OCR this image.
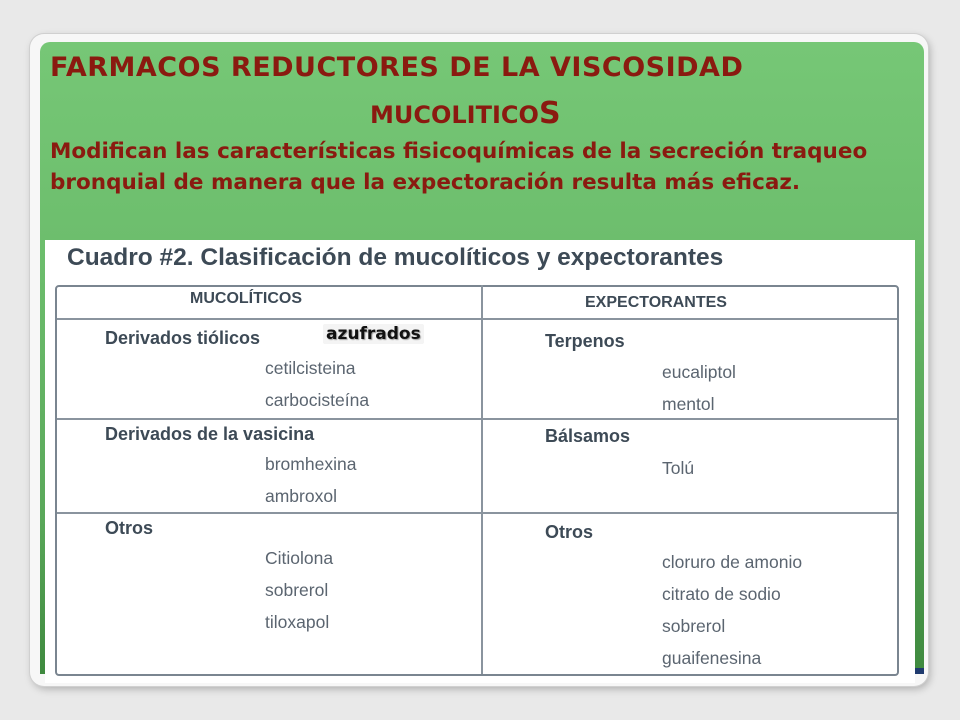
FARMACOS REDUCTORES DE LA VISCOSIDAD
MUCOLITICOS

Modifican las características fisicoquímicas de la secreción traqueo bronquial de manera que la expectoración resulta más eficaz.

Cuadro #2. Clasificación de mucolíticos y expectorantes
MUCOLÍTICOS	EXPECTORANTES
Derivados tiólicos
cetilcisteina
carbocisteína
Derivados de la vasicina
bromhexina
ambroxol
Otros
Citiolona
sobrerol
tiloxapol
Terpenos
eucaliptol
mentol
Bálsamos
Tolú
Otros
cloruro de amonio
citrato de sodio
sobrerol
guaifenesina
azufrados
